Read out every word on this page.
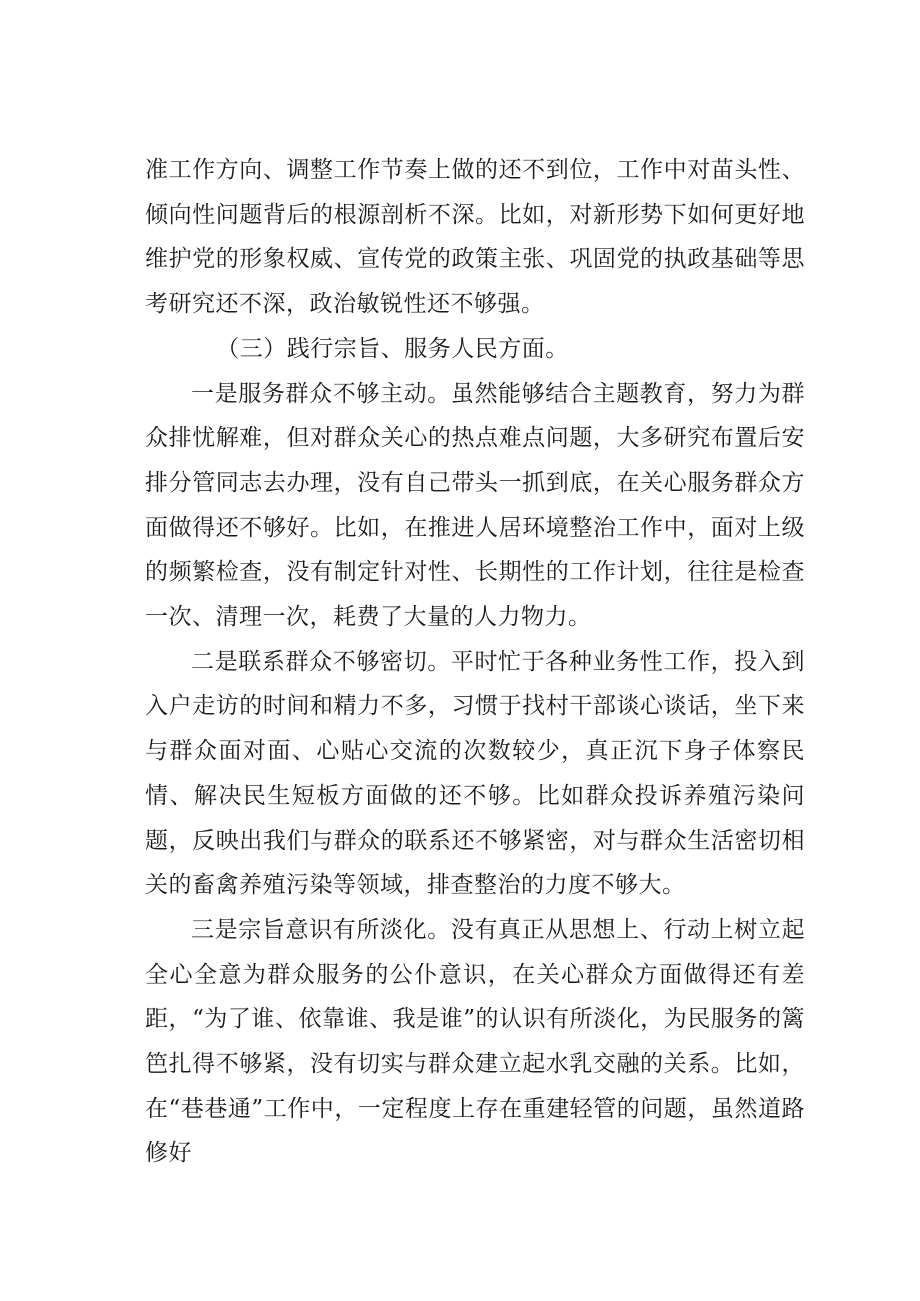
准工作方向、调整工作节奏上做的还不到位，工作中对苗头性、倾向性问题背后的根源剖析不深。比如，对新形势下如何更好地维护党的形象权威、宣传党的政策主张、巩固党的执政基础等思考研究还不深，政治敏锐性还不够强。

（三）践行宗旨、服务人民方面。

一是服务群众不够主动。虽然能够结合主题教育，努力为群众排忧解难，但对群众关心的热点难点问题，大多研究布置后安排分管同志去办理，没有自己带头一抓到底，在关心服务群众方面做得还不够好。比如，在推进人居环境整治工作中，面对上级的频繁检查，没有制定针对性、长期性的工作计划，往往是检查一次、清理一次，耗费了大量的人力物力。

二是联系群众不够密切。平时忙于各种业务性工作，投入到入户走访的时间和精力不多，习惯于找村干部谈心谈话，坐下来与群众面对面、心贴心交流的次数较少，真正沉下身子体察民情、解决民生短板方面做的还不够。比如群众投诉养殖污染问题，反映出我们与群众的联系还不够紧密，对与群众生活密切相关的畜禽养殖污染等领域，排查整治的力度不够大。

三是宗旨意识有所淡化。没有真正从思想上、行动上树立起全心全意为群众服务的公仆意识，在关心群众方面做得还有差距，“为了谁、依靠谁、我是谁”的认识有所淡化，为民服务的篱笆扎得不够紧，没有切实与群众建立起水乳交融的关系。比如，在“巷巷通”工作中，一定程度上存在重建轻管的问题，虽然道路修好
